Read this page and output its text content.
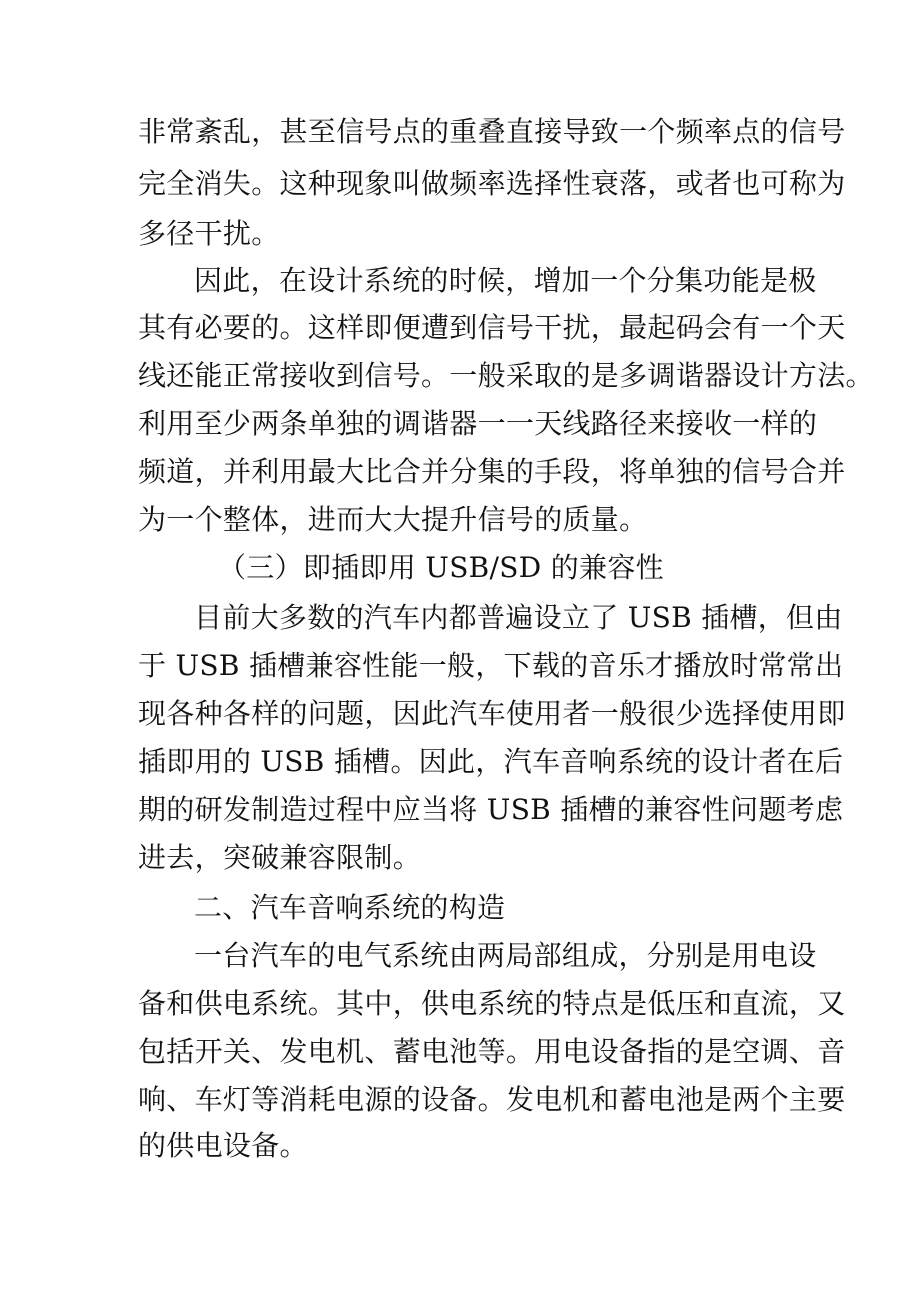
非常紊乱，甚至信号点的重叠直接导致一个频率点的信号
完全消失。这种现象叫做频率选择性衰落，或者也可称为
多径干扰。
因此，在设计系统的时候，增加一个分集功能是极
其有必要的。这样即便遭到信号干扰，最起码会有一个天
线还能正常接收到信号。一般采取的是多调谐器设计方法。
利用至少两条单独的调谐器一一天线路径来接收一样的
频道，并利用最大比合并分集的手段，将单独的信号合并
为一个整体，进而大大提升信号的质量。
（三）即插即用 USB/SD 的兼容性
目前大多数的汽车内都普遍设立了 USB 插槽，但由
于 USB 插槽兼容性能一般，下载的音乐才播放时常常出
现各种各样的问题，因此汽车使用者一般很少选择使用即
插即用的 USB 插槽。因此，汽车音响系统的设计者在后
期的研发制造过程中应当将 USB 插槽的兼容性问题考虑
进去，突破兼容限制。
二、汽车音响系统的构造
一台汽车的电气系统由两局部组成，分别是用电设
备和供电系统。其中，供电系统的特点是低压和直流，又
包括开关、发电机、蓄电池等。用电设备指的是空调、音
响、车灯等消耗电源的设备。发电机和蓄电池是两个主要
的供电设备。
